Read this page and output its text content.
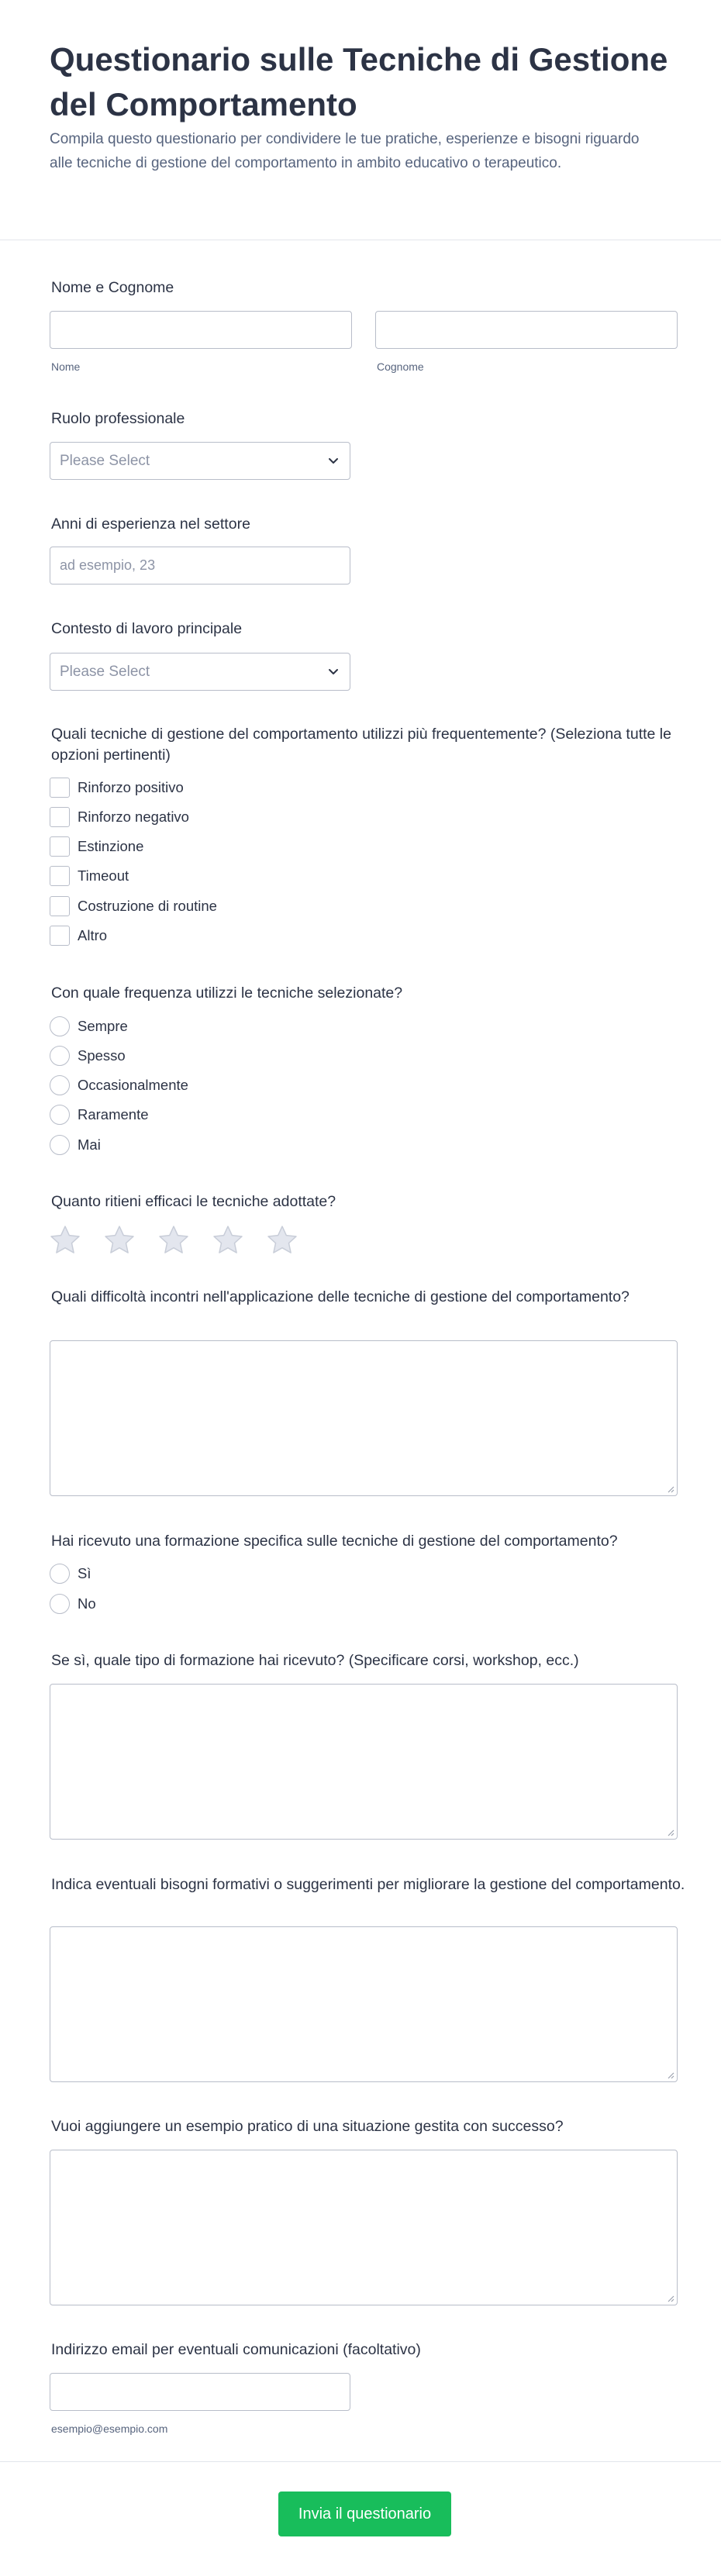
Questionario sulle Tecniche di Gestione del Comportamento

Compila questo questionario per condividere le tue pratiche, esperienze e bisogni riguardo alle tecniche di gestione del comportamento in ambito educativo o terapeutico.

Nome e Cognome
Nome	Cognome
Ruolo professionale
Please Select
Anni di esperienza nel settore
ad esempio, 23
Contesto di lavoro principale
Please Select
Quali tecniche di gestione del comportamento utilizzi più frequentemente? (Seleziona tutte le opzioni pertinenti)
Rinforzo positivo
Rinforzo negativo
Estinzione
Timeout
Costruzione di routine
Altro
Con quale frequenza utilizzi le tecniche selezionate?
Sempre
Spesso
Occasionalmente
Raramente
Mai
Quanto ritieni efficaci le tecniche adottate?
Quali difficoltà incontri nell'applicazione delle tecniche di gestione del comportamento?
Hai ricevuto una formazione specifica sulle tecniche di gestione del comportamento?
Sì
No
Se sì, quale tipo di formazione hai ricevuto? (Specificare corsi, workshop, ecc.)
Indica eventuali bisogni formativi o suggerimenti per migliorare la gestione del comportamento.
Vuoi aggiungere un esempio pratico di una situazione gestita con successo?
Indirizzo email per eventuali comunicazioni (facoltativo)
esempio@esempio.com
Invia il questionario
